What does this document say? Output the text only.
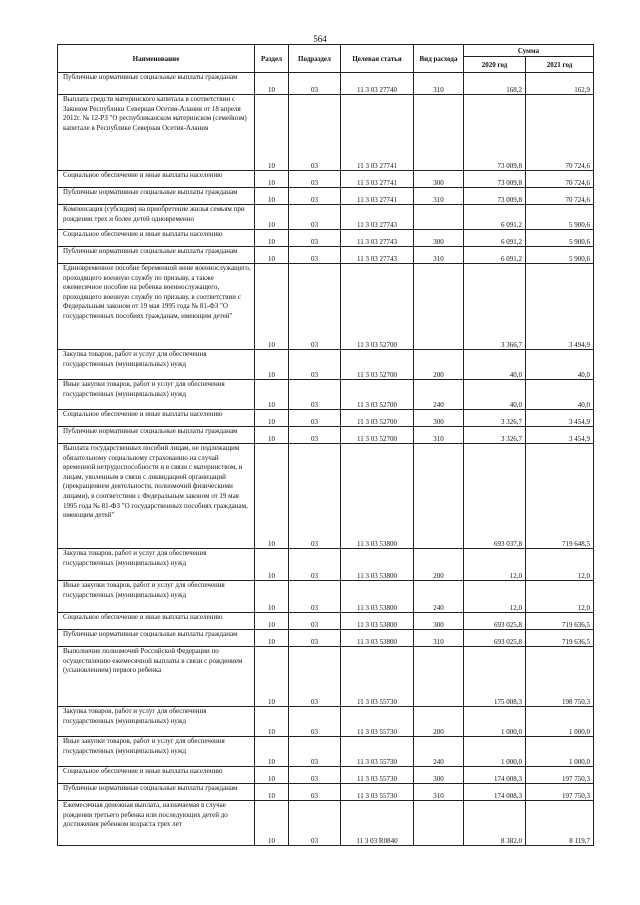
564
Наименование	Раздел	Подраздел	Целевая статья	Вид расхода	Сумма	
					2020 год	2021 год
Публичные нормативные социальные выплаты гражданам	10	03	11 3 03 27740	310	168,2	162,9
Выплата средств материнского капитала в соответствии с Законом Республики Северная Осетия-Алания от 18 апреля 2012г. № 12-РЗ "О республиканском материнском (семейном) капитале в Республике Северная Осетия-Алания	10	03	11 3 03 27741		73 009,8	70 724,6
Социальное обеспечение и иные выплаты населению	10	03	11 3 03 27741	300	73 009,8	70 724,6
Публичные нормативные социальные выплаты гражданам	10	03	11 3 03 27741	310	73 009,8	70 724,6
Компенсация (субсидия) на приобретение жилья семьям при рождении трех и более детей одновременно	10	03	11 3 03 27743		6 091,2	5 900,6
Социальное обеспечение и иные выплаты населению	10	03	11 3 03 27743	300	6 091,2	5 900,6
Публичные нормативные социальные выплаты гражданам	10	03	11 3 03 27743	310	6 091,2	5 900,6
Единовременное пособие беременной жене военнослужащего, проходящего военную службу по призыву, а также ежемесячное пособие на ребенка военнослужащего, проходящего военную службу по призыву, в соответствии с Федеральным законом от 19 мая 1995 года № 81-ФЗ "О государственных пособиях гражданам, имеющим детей"	10	03	11 3 03 52700		3 366,7	3 494,9
Закупка товаров, работ и услуг для обеспечения государственных (муниципальных) нужд	10	03	11 3 03 52700	200	40,0	40,0
Иные закупки товаров, работ и услуг для обеспечения государственных (муниципальных) нужд	10	03	11 3 03 52700	240	40,0	40,0
Социальное обеспечение и иные выплаты населению	10	03	11 3 03 52700	300	3 326,7	3 454,9
Публичные нормативные социальные выплаты гражданам	10	03	11 3 03 52700	310	3 326,7	3 454,9
Выплата государственных пособий лицам, не подлежащим обязательному социальному страхованию на случай временной нетрудоспособности и в связи с материнством, и лицам, уволенным в связи с ликвидацией организаций (прекращением деятельности, полномочий физическими лицами), в соответствии с Федеральным законом от 19 мая 1995 года № 81-ФЗ "О государственных пособиях гражданам, имеющим детей"	10	03	11 3 03 53800		693 037,8	719 648,5
Закупка товаров, работ и услуг для обеспечения государственных (муниципальных) нужд	10	03	11 3 03 53800	200	12,0	12,0
Иные закупки товаров, работ и услуг для обеспечения государственных (муниципальных) нужд	10	03	11 3 03 53800	240	12,0	12,0
Социальное обеспечение и иные выплаты населению	10	03	11 3 03 53800	300	693 025,8	719 636,5
Публичные нормативные социальные выплаты гражданам	10	03	11 3 03 53800	310	693 025,8	719 636,5
Выполнение полномочий Российской Федерации по осуществлению ежемесячной выплаты в связи с рождением (усыновлением) первого ребенка	10	03	11 3 03 55730		175 008,3	198 750,3
Закупка товаров, работ и услуг для обеспечения государственных (муниципальных) нужд	10	03	11 3 03 55730	200	1 000,0	1 000,0
Иные закупки товаров, работ и услуг для обеспечения государственных (муниципальных) нужд	10	03	11 3 03 55730	240	1 000,0	1 000,0
Социальное обеспечение и иные выплаты населению	10	03	11 3 03 55730	300	174 008,3	197 750,3
Публичные нормативные социальные выплаты гражданам	10	03	11 3 03 55730	310	174 008,3	197 750,3
Ежемесячная денежная выплата, назначаемая в случае рождения третьего ребенка или последующих детей до достижения ребенком возраста трех лет	10	03	11 3 03 R0840		8 382,0	8 119,7
